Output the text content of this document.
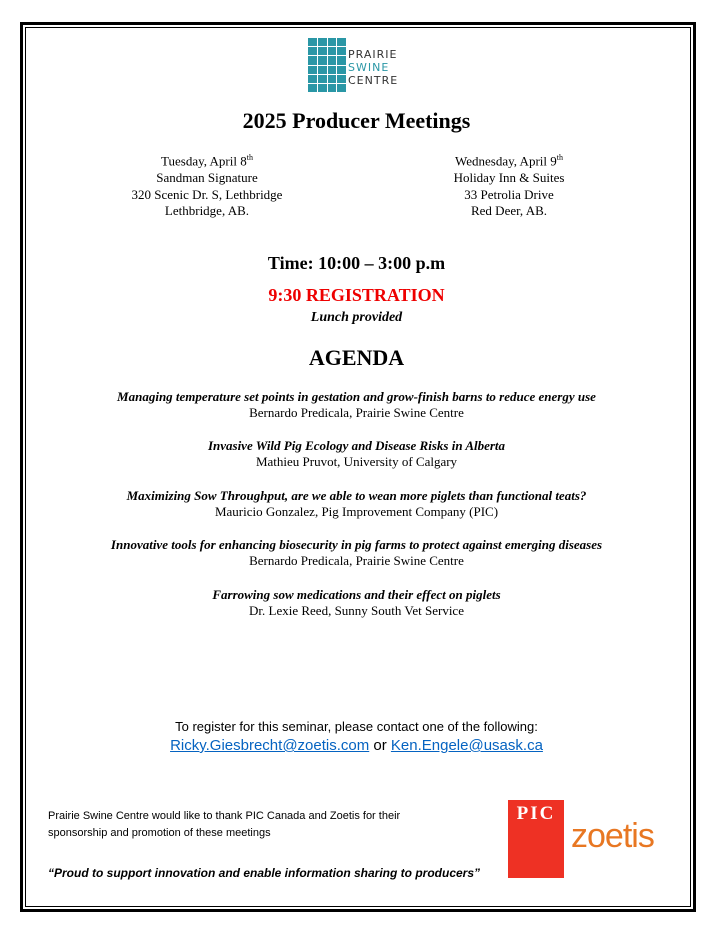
PRAIRIE
SWINE
CENTRE
2025 Producer Meetings
Tuesday, April 8th
Sandman Signature
320 Scenic Dr. S, Lethbridge
Lethbridge, AB.
Wednesday, April 9th
Holiday Inn & Suites
33 Petrolia Drive
Red Deer, AB.
Time: 10:00 – 3:00 p.m
9:30 REGISTRATION
Lunch provided
AGENDA
Managing temperature set points in gestation and grow-finish barns to reduce energy use
Bernardo Predicala, Prairie Swine Centre
Invasive Wild Pig Ecology and Disease Risks in Alberta
Mathieu Pruvot, University of Calgary
Maximizing Sow Throughput, are we able to wean more piglets than functional teats?
Mauricio Gonzalez, Pig Improvement Company (PIC)
Innovative tools for enhancing biosecurity in pig farms to protect against emerging diseases
Bernardo Predicala, Prairie Swine Centre
Farrowing sow medications and their effect on piglets
Dr. Lexie Reed, Sunny South Vet Service
To register for this seminar, please contact one of the following:
Ricky.Giesbrecht@zoetis.com or Ken.Engele@usask.ca
Prairie Swine Centre would like to thank PIC Canada and Zoetis for their
sponsorship and promotion of these meetings
“Proud to support innovation and enable information sharing to producers”
PIC
zoetis
